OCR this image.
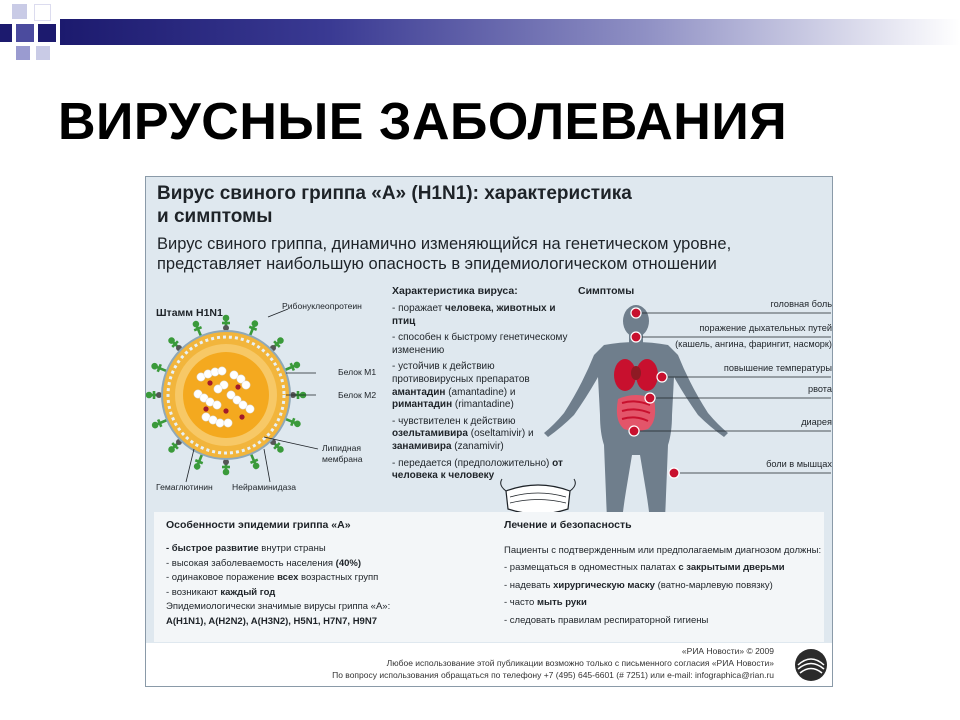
ВИРУСНЫЕ ЗАБОЛЕВАНИЯ
Вирус свиного гриппа «А» (H1N1): характеристика
и симптомы
Вирус свиного гриппа, динамично изменяющийся на генетическом уровне, представляет наибольшую опасность в эпидемиологическом отношении
Штамм H1N1
Рибонуклеопротеин
Белок М1
Белок М2
Липидная
мембрана
Гемаглютинин Нейраминидаза
Характеристика вируса:
- поражает человека, животных и птиц
- способен к быстрому генетическому изменению
- устойчив к действию противовирусных препаратов амантадин (amantadine) и римантадин (rimantadine)
- чувствителен к действию озельтамивира (oseltamivir) и занамивира (zanamivir)
- передается (предположительно) от человека к человеку
Симптомы
головная боль
поражение дыхательных путей
(кашель, ангина, фарингит, насморк)
повышение температуры
рвота
диарея
боли в мышцах
Особенности эпидемии гриппа «А»
- быстрое развитие внутри страны
- высокая заболеваемость населения (40%)
- одинаковое поражение всех возрастных групп
- возникают каждый год
Эпидемиологически значимые вирусы гриппа «А»:
A(H1N1), A(H2N2), A(H3N2), H5N1, H7N7, H9N7
Лечение и безопасность
Пациенты с подтвержденным или предполагаемым диагнозом должны:
- размещаться в одноместных палатах с закрытыми дверьми
- надевать хирургическую маску (ватно-марлевую повязку)
- часто мыть руки
- следовать правилам респираторной гигиены
«РИА Новости» © 2009
Любое использование этой публикации возможно только с письменного согласия «РИА Новости»
По вопросу использования обращаться по телефону +7 (495) 645-6601 (# 7251) или e-mail: infographica@rian.ru
